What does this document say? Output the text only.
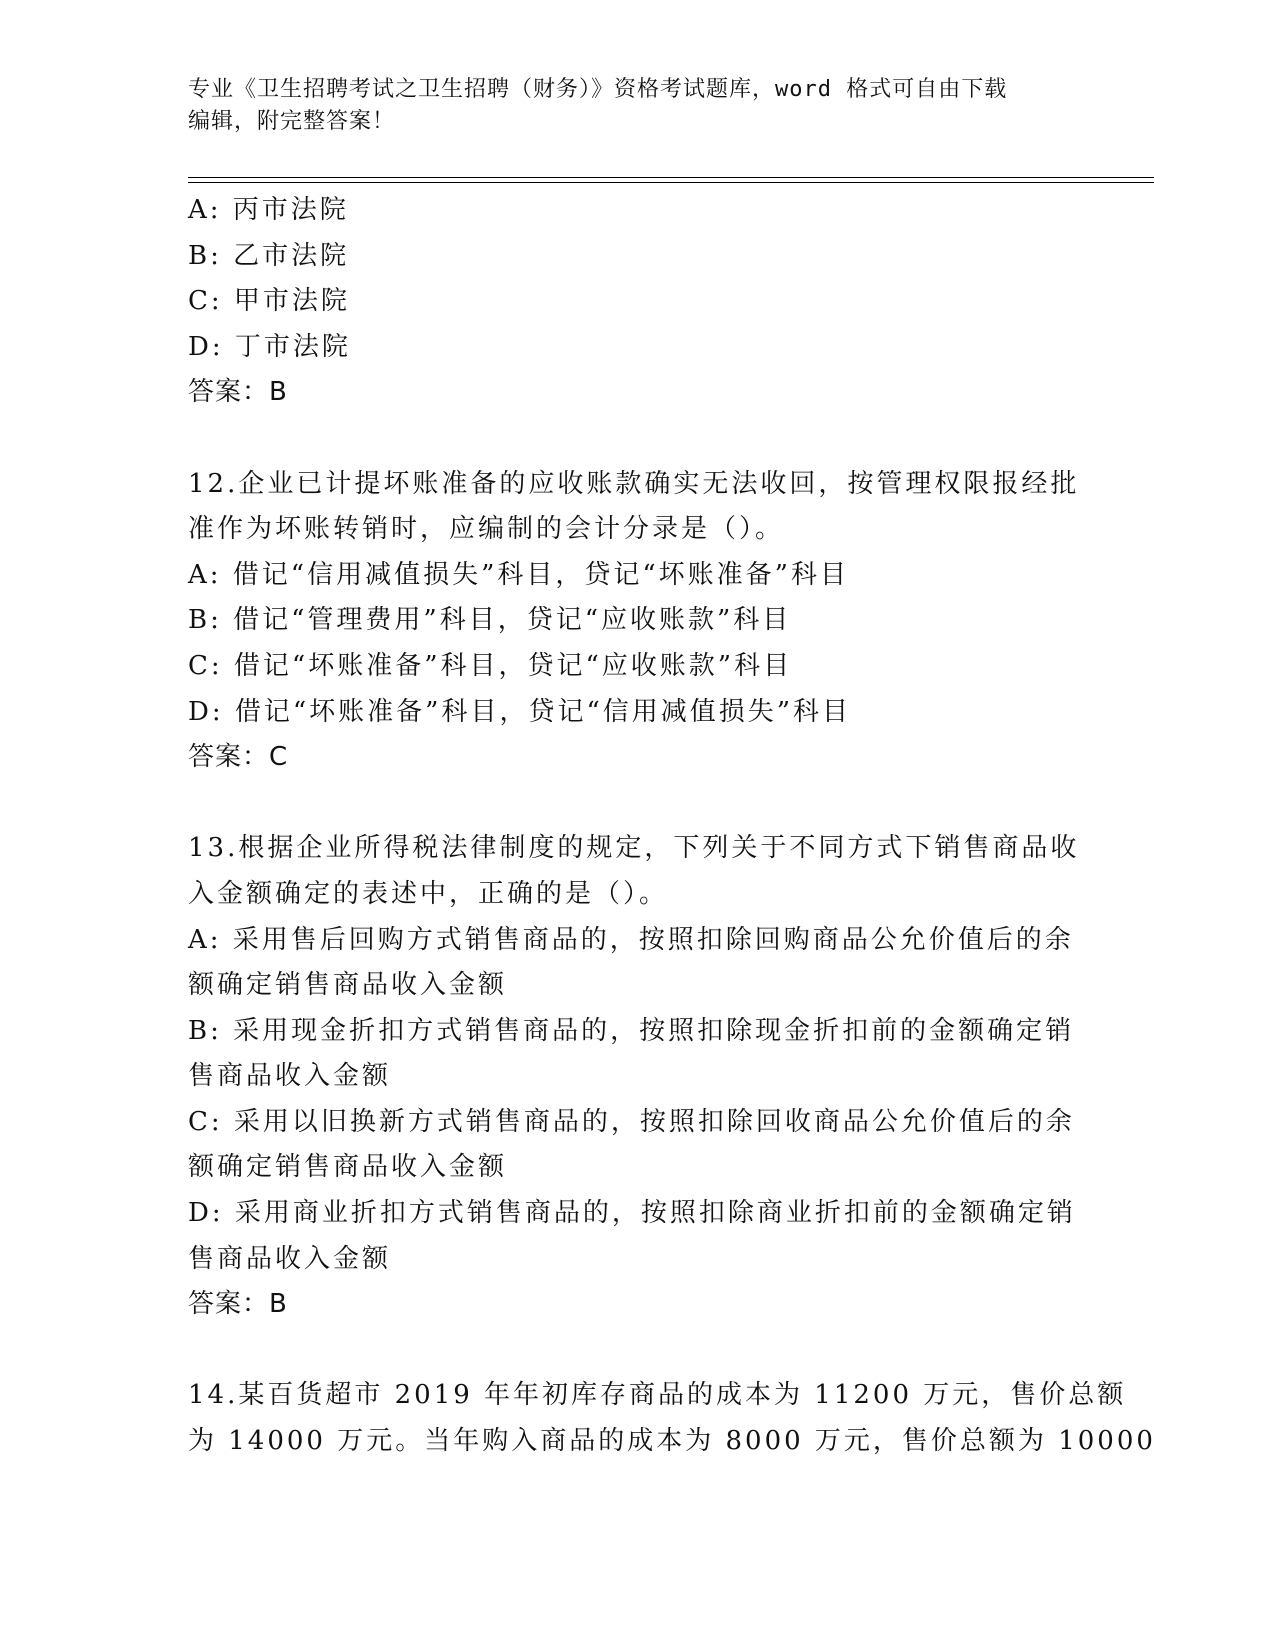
专业《卫生招聘考试之卫生招聘（财务）》资格考试题库，word 格式可自由下载
编辑，附完整答案！
A: 丙市法院
B: 乙市法院
C: 甲市法院
D: 丁市法院
答案：B
12.企业已计提坏账准备的应收账款确实无法收回，按管理权限报经批
准作为坏账转销时，应编制的会计分录是（）。
A: 借记“信用减值损失”科目，贷记“坏账准备”科目
B: 借记“管理费用”科目，贷记“应收账款”科目
C: 借记“坏账准备”科目，贷记“应收账款”科目
D: 借记“坏账准备”科目，贷记“信用减值损失”科目
答案：C
13.根据企业所得税法律制度的规定，下列关于不同方式下销售商品收
入金额确定的表述中，正确的是（）。
A: 采用售后回购方式销售商品的，按照扣除回购商品公允价值后的余
额确定销售商品收入金额
B: 采用现金折扣方式销售商品的，按照扣除现金折扣前的金额确定销
售商品收入金额
C: 采用以旧换新方式销售商品的，按照扣除回收商品公允价值后的余
额确定销售商品收入金额
D: 采用商业折扣方式销售商品的，按照扣除商业折扣前的金额确定销
售商品收入金额
答案：B
14.某百货超市 2019 年年初库存商品的成本为 11200 万元，售价总额
为 14000 万元。当年购入商品的成本为 8000 万元，售价总额为 10000
